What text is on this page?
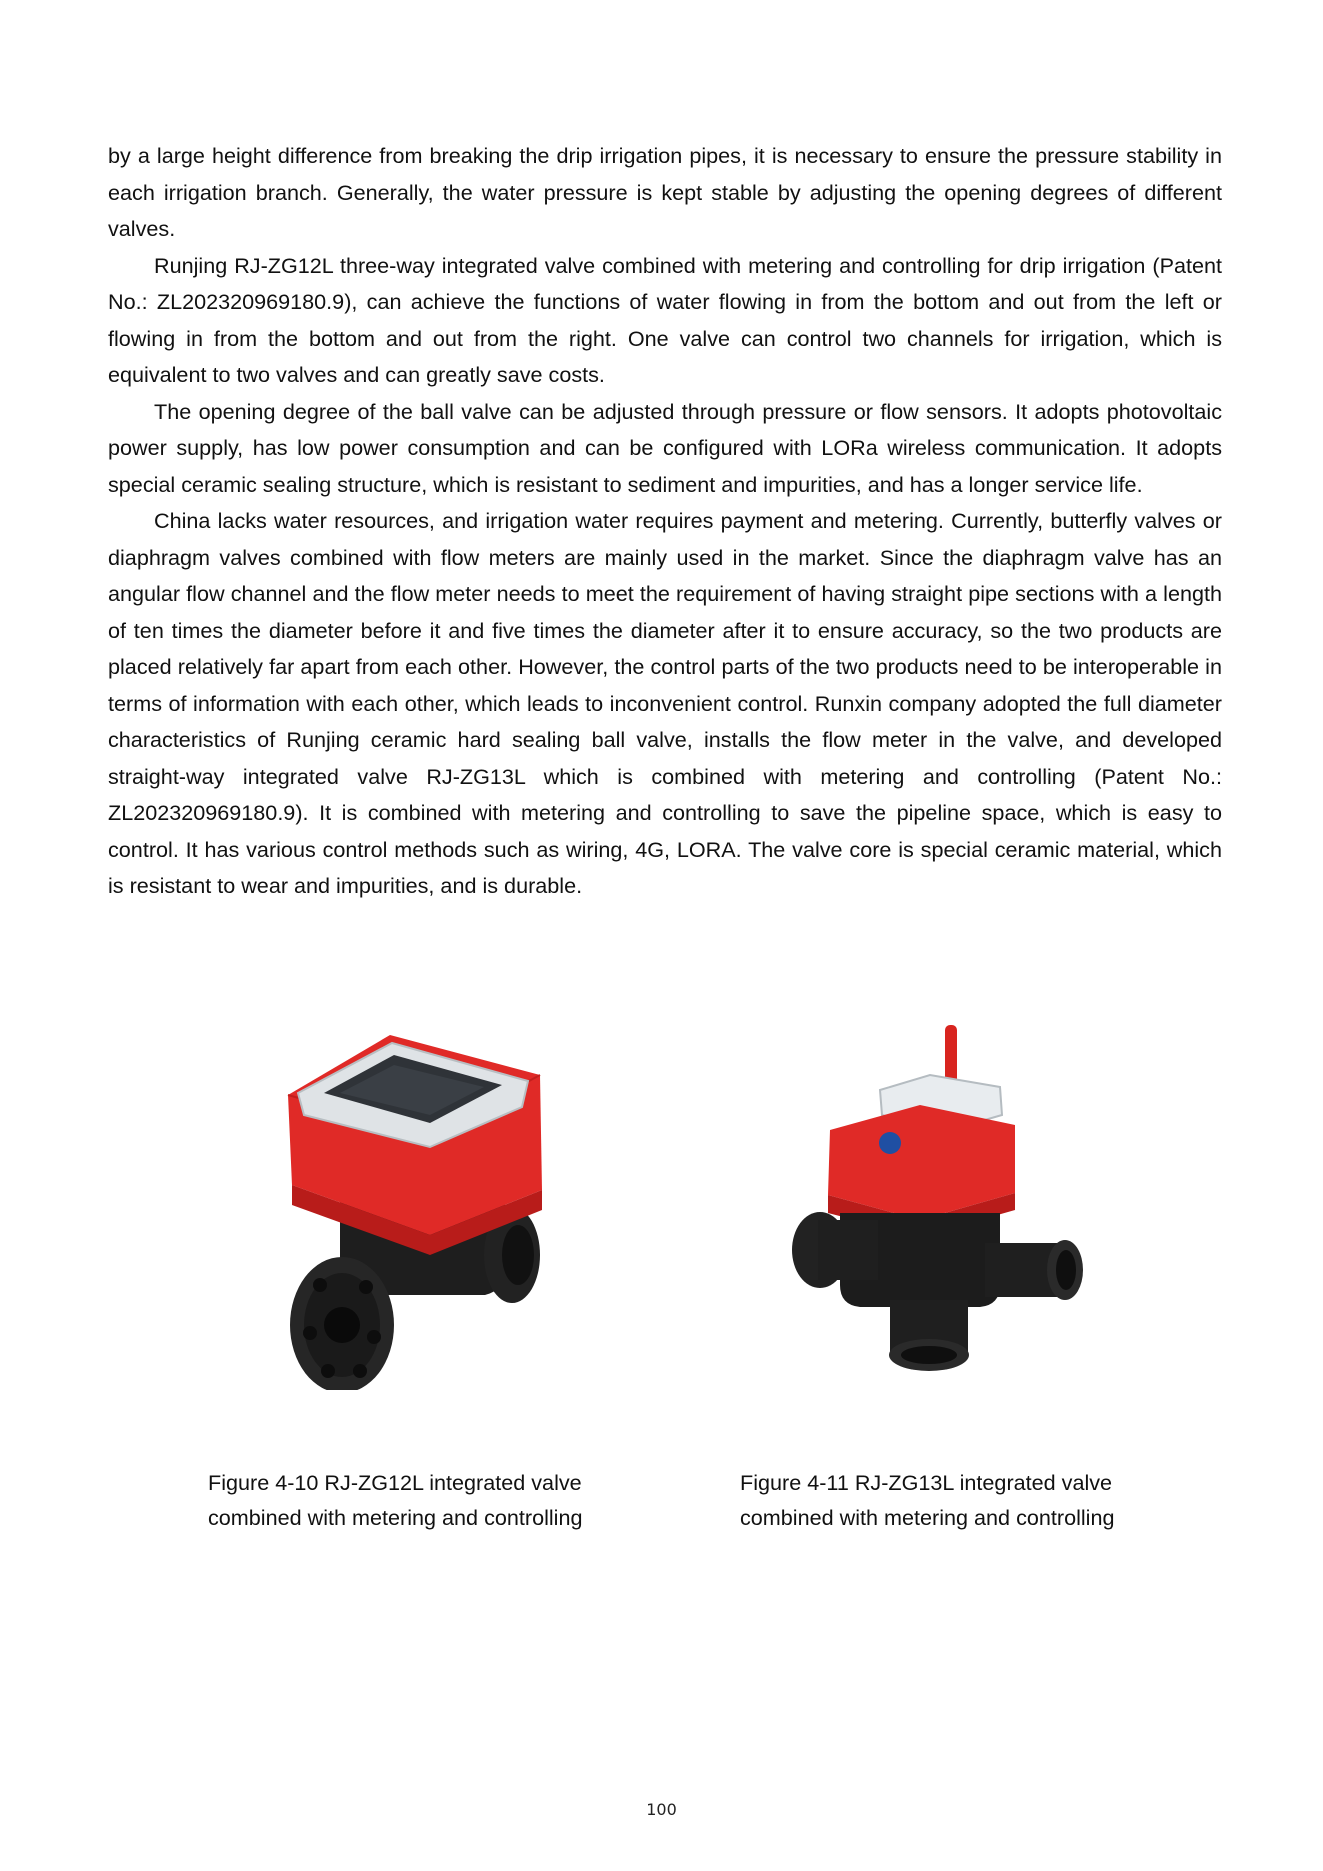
by a large height difference from breaking the drip irrigation pipes, it is necessary to ensure the pressure stability in each irrigation branch. Generally, the water pressure is kept stable by adjusting the opening degrees of different valves.

Runjing RJ-ZG12L three-way integrated valve combined with metering and controlling for drip irrigation (Patent No.: ZL202320969180.9), can achieve the functions of water flowing in from the bottom and out from the left or flowing in from the bottom and out from the right. One valve can control two channels for irrigation, which is equivalent to two valves and can greatly save costs.

The opening degree of the ball valve can be adjusted through pressure or flow sensors. It adopts photovoltaic power supply, has low power consumption and can be configured with LORa wireless communication. It adopts special ceramic sealing structure, which is resistant to sediment and impurities, and has a longer service life.

China lacks water resources, and irrigation water requires payment and metering. Currently, butterfly valves or diaphragm valves combined with flow meters are mainly used in the market. Since the diaphragm valve has an angular flow channel and the flow meter needs to meet the requirement of having straight pipe sections with a length of ten times the diameter before it and five times the diameter after it to ensure accuracy, so the two products are placed relatively far apart from each other. However, the control parts of the two products need to be interoperable in terms of information with each other, which leads to inconvenient control. Runxin company adopted the full diameter characteristics of Runjing ceramic hard sealing ball valve, installs the flow meter in the valve, and developed straight-way integrated valve RJ-ZG13L which is combined with metering and controlling (Patent No.: ZL202320969180.9). It is combined with metering and controlling to save the pipeline space, which is easy to control. It has various control methods such as wiring, 4G, LORA. The valve core is special ceramic material, which is resistant to wear and impurities, and is durable.

Figure 4-10 RJ-ZG12L integrated valve
combined with metering and controlling
Figure 4-11 RJ-ZG13L integrated valve
combined with metering and controlling
100
